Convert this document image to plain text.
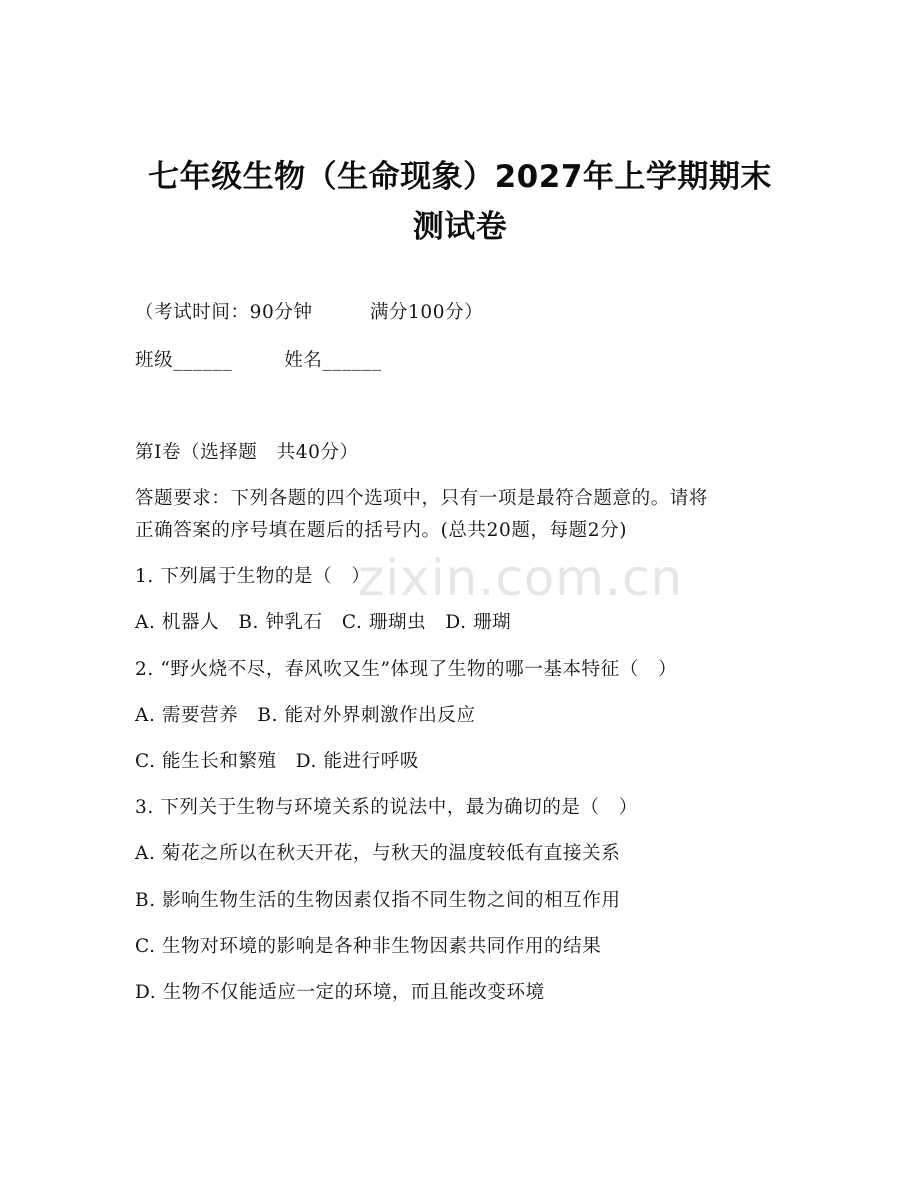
七年级生物（生命现象）2027年上学期期末
测试卷
（考试时间：90分钟　　　满分100分）
班级______	姓名______
第I卷（选择题　共40分）
答题要求：下列各题的四个选项中，只有一项是最符合题意的。请将
正确答案的序号填在题后的括号内。(总共20题，每题2分)
1. 下列属于生物的是（　）
A. 机器人　B. 钟乳石　C. 珊瑚虫　D. 珊瑚
2. “野火烧不尽，春风吹又生”体现了生物的哪一基本特征（　）
A. 需要营养　B. 能对外界刺激作出反应
C. 能生长和繁殖　D. 能进行呼吸
3. 下列关于生物与环境关系的说法中，最为确切的是（　）
A. 菊花之所以在秋天开花，与秋天的温度较低有直接关系
B. 影响生物生活的生物因素仅指不同生物之间的相互作用
C. 生物对环境的影响是各种非生物因素共同作用的结果
D. 生物不仅能适应一定的环境，而且能改变环境
zixin.com.cn
